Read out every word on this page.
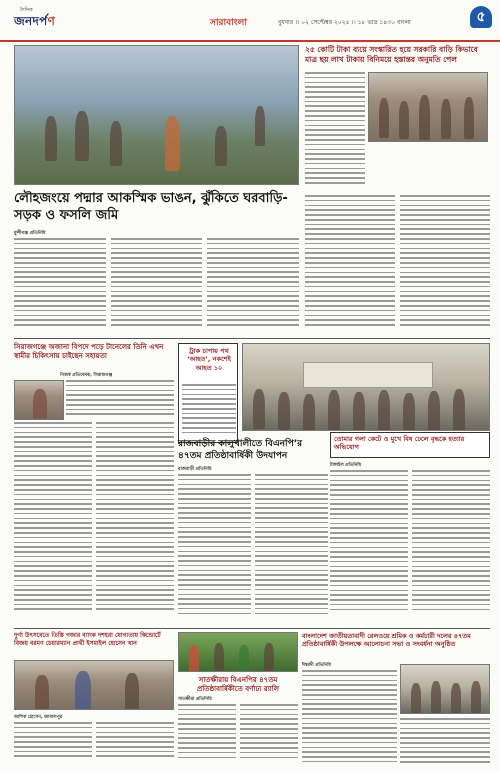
দৈনিক
জনদর্পণ	সারাবাংলা	বুধবার ।। ০২ সেপ্টেম্বর ২০২৫ ।। ১৮ ভাদ্র ১৪৩০ বাংলা	৫
২৫ কোটি টাকা ব্যয়ে সংস্কারিত হয়ে সরকারি বাড়ি কিভাবে মাত্র ছয় লাখ টাকায় বিনিময়ে হস্তান্তর অনুমতি পেল
লৌহজংয়ে পদ্মার আকস্মিক ভাঙন, ঝুঁকিতে ঘরবাড়ি-সড়ক ও ফসলি জমি
মুন্সীগঞ্জ প্রতিনিধি
সিরাজগঞ্জে অজানা বিপদে পড়ে টানেলের তিনি এখন স্বামীর চিকিৎসায় চাইছেন সহায়তা
নিজস্ব প্রতিবেদক, সিরাজগঞ্জ
ট্রাক চাপায় পথ ‘আহত’, নকশেই আহত ১০
তোমার গলা কেটে ও মুখে বিষ ঢেলে বৃদ্ধকে হত্যার অভিযোগ
টাঙ্গাইল প্রতিনিধি
রাজবাড়ীর কালুখালীতে বিএনপি’র ৪৭তম প্রতিষ্ঠাবার্ষিকী উদযাপন
রাজবাড়ী প্রতিনিধি
দুর্গা উৎসবেতে তিস্তি গজার ব্যাংক দশহরা যোগ্যতায় কিন্ডোর্টে বিজয় বরমণ চেয়ারম্যান প্রার্থী ইসমাইল হোসেন খান
আশিক হোসেন, জামালপুর
সাতক্ষীরায় বিএনপির ৪৭তম প্রতিষ্ঠাবার্ষিকীতে বর্ণাঢ্য র‍্যালি
সাতক্ষীরা প্রতিনিধি
বাংলাদেশ জাতীয়তাবাদী রেলওয়ে শ্রমিক ও কর্মচারী দলের ৪৭তম প্রতিষ্ঠাবার্ষিকী উপলক্ষে আলোচনা সভা ও সংবর্ধনা অনুষ্ঠিত
ঈশ্বরদী প্রতিনিধি
